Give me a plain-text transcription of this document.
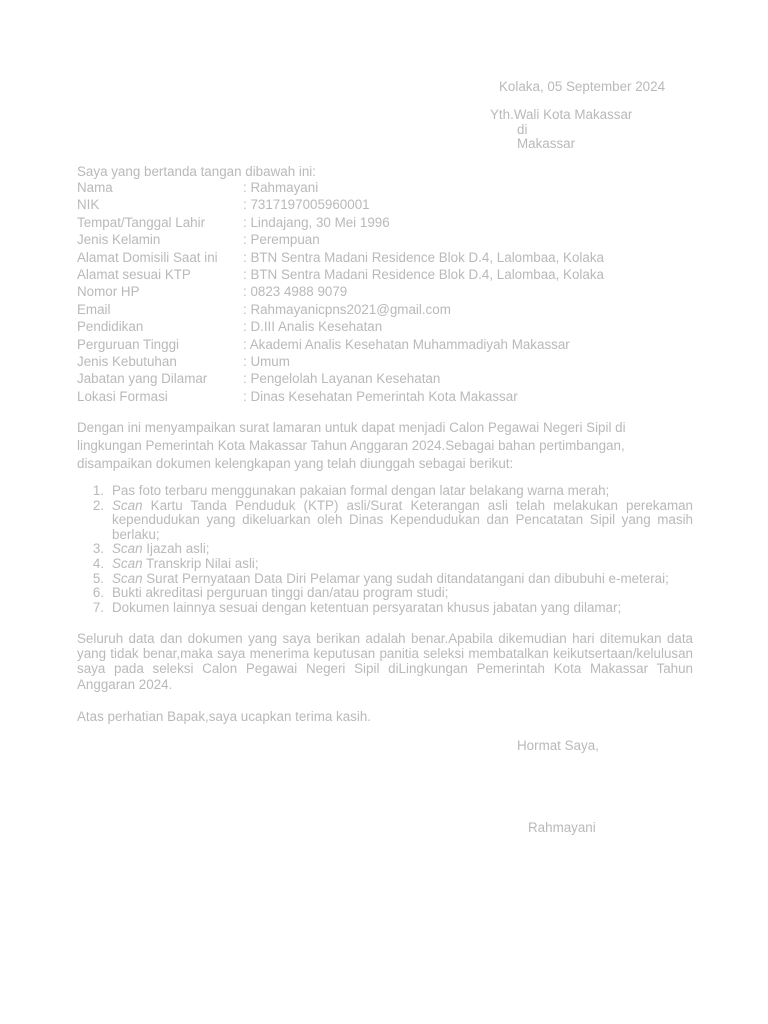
Kolaka, 05 September 2024
Yth.Wali Kota Makassar
di
Makassar
Saya yang bertanda tangan dibawah ini:
Nama	: Rahmayani
NIK	: 7317197005960001
Tempat/Tanggal Lahir	: Lindajang, 30 Mei 1996
Jenis Kelamin	: Perempuan
Alamat Domisili Saat ini	: BTN Sentra Madani Residence Blok D.4, Lalombaa, Kolaka
Alamat sesuai KTP	: BTN Sentra Madani Residence Blok D.4, Lalombaa, Kolaka
Nomor HP	: 0823 4988 9079
Email	: Rahmayanicpns2021@gmail.com
Pendidikan	: D.III Analis Kesehatan
Perguruan Tinggi	: Akademi Analis Kesehatan Muhammadiyah Makassar
Jenis Kebutuhan	: Umum
Jabatan yang Dilamar	: Pengelolah Layanan Kesehatan
Lokasi Formasi	: Dinas Kesehatan Pemerintah Kota Makassar
Dengan ini menyampaikan surat lamaran untuk dapat menjadi Calon Pegawai Negeri Sipil di lingkungan Pemerintah Kota Makassar Tahun Anggaran 2024.Sebagai bahan pertimbangan, disampaikan dokumen kelengkapan yang telah diunggah sebagai berikut:
1. Pas foto terbaru menggunakan pakaian formal dengan latar belakang warna merah;
2. Scan Kartu Tanda Penduduk (KTP) asli/Surat Keterangan asli telah melakukan perekaman kependudukan yang dikeluarkan oleh Dinas Kependudukan dan Pencatatan Sipil yang masih berlaku;
3. Scan Ijazah asli;
4. Scan Transkrip Nilai asli;
5. Scan Surat Pernyataan Data Diri Pelamar yang sudah ditandatangani dan dibubuhi e-meterai;
6. Bukti akreditasi perguruan tinggi dan/atau program studi;
7. Dokumen lainnya sesuai dengan ketentuan persyaratan khusus jabatan yang dilamar;
Seluruh data dan dokumen yang saya berikan adalah benar.Apabila dikemudian hari ditemukan data yang tidak benar,maka saya menerima keputusan panitia seleksi membatalkan keikutsertaan/kelulusan saya pada seleksi Calon Pegawai Negeri Sipil diLingkungan Pemerintah Kota Makassar Tahun Anggaran 2024.
Atas perhatian Bapak,saya ucapkan terima kasih.
Hormat Saya,
Rahmayani
